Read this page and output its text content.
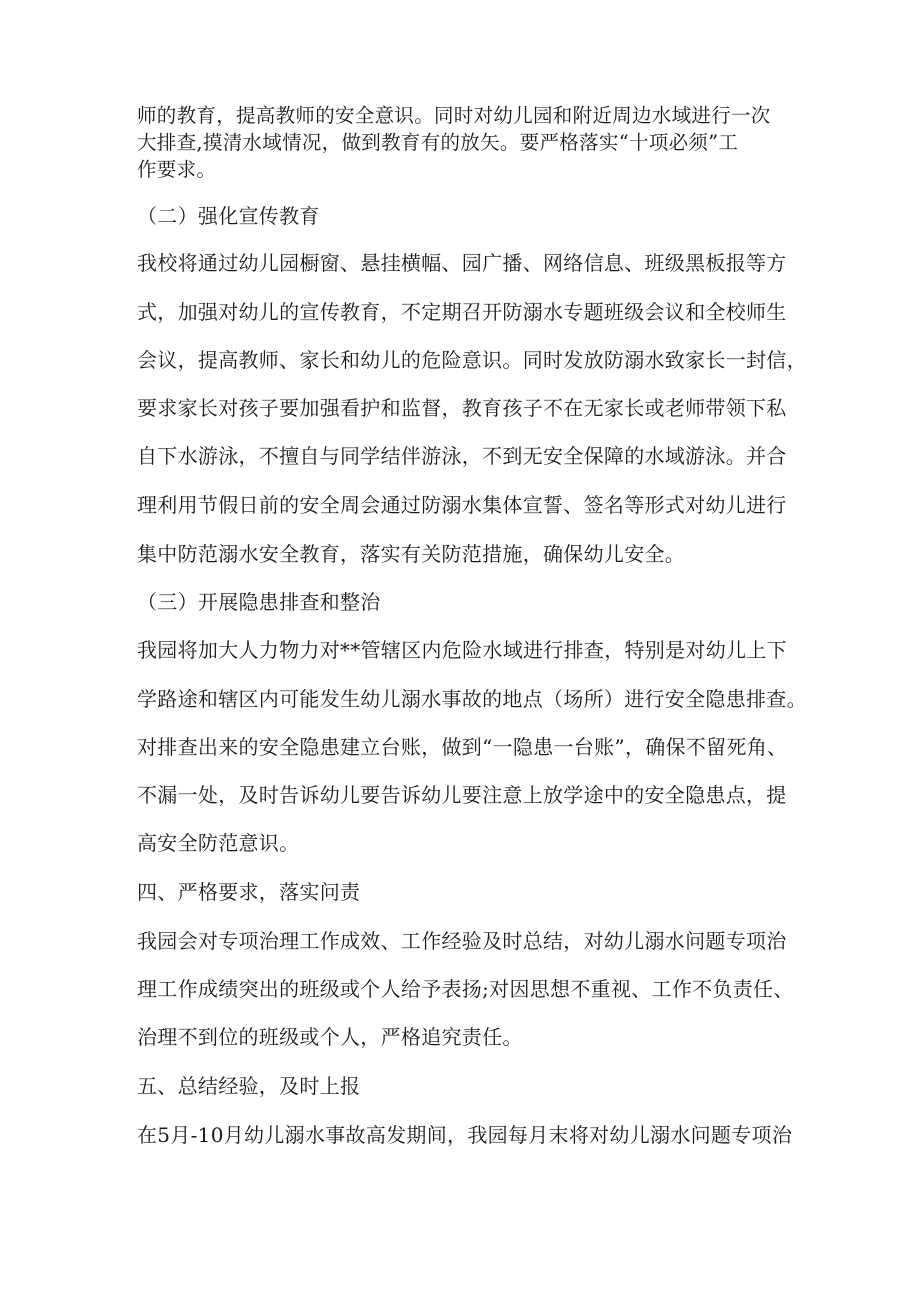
师的教育，提高教师的安全意识。同时对幼儿园和附近周边水域进行一次
大排查,摸清水域情况，做到教育有的放矢。要严格落实“十项必须”工
作要求。
（二）强化宣传教育
我校将通过幼儿园橱窗、悬挂横幅、园广播、网络信息、班级黑板报等方
式，加强对幼儿的宣传教育，不定期召开防溺水专题班级会议和全校师生
会议，提高教师、家长和幼儿的危险意识。同时发放防溺水致家长一封信，
要求家长对孩子要加强看护和监督，教育孩子不在无家长或老师带领下私
自下水游泳，不擅自与同学结伴游泳，不到无安全保障的水域游泳。并合
理利用节假日前的安全周会通过防溺水集体宣誓、签名等形式对幼儿进行
集中防范溺水安全教育，落实有关防范措施，确保幼儿安全。
（三）开展隐患排查和整治
我园将加大人力物力对**管辖区内危险水域进行排查，特别是对幼儿上下
学路途和辖区内可能发生幼儿溺水事故的地点（场所）进行安全隐患排查。
对排查出来的安全隐患建立台账，做到“一隐患一台账”，确保不留死角、
不漏一处，及时告诉幼儿要告诉幼儿要注意上放学途中的安全隐患点，提
高安全防范意识。
四、严格要求，落实问责
我园会对专项治理工作成效、工作经验及时总结，对幼儿溺水问题专项治
理工作成绩突出的班级或个人给予表扬;对因思想不重视、工作不负责任、
治理不到位的班级或个人，严格追究责任。
五、总结经验，及时上报
在5月-10月幼儿溺水事故高发期间，我园每月末将对幼儿溺水问题专项治
